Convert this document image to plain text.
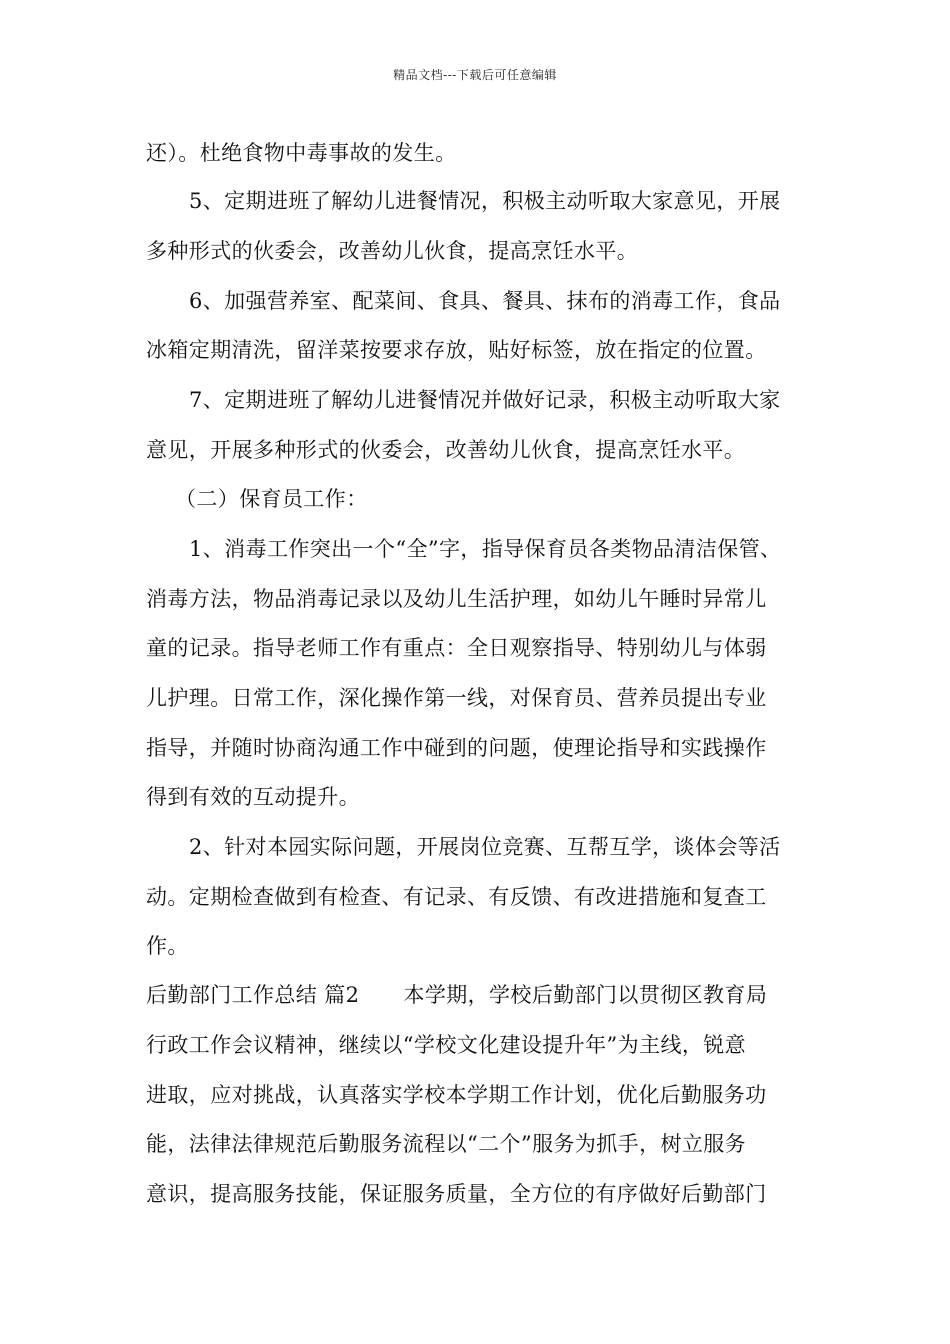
精品文档---下载后可任意编辑
还）。杜绝食物中毒事故的发生。
5、定期进班了解幼儿进餐情况，积极主动听取大家意见，开展
多种形式的伙委会，改善幼儿伙食，提高烹饪水平。
6、加强营养室、配菜间、食具、餐具、抹布的消毒工作，食品
冰箱定期清洗，留洋菜按要求存放，贴好标签，放在指定的位置。
7、定期进班了解幼儿进餐情况并做好记录，积极主动听取大家
意见，开展多种形式的伙委会，改善幼儿伙食，提高烹饪水平。
（二）保育员工作：
1、消毒工作突出一个“全”字，指导保育员各类物品清洁保管、
消毒方法，物品消毒记录以及幼儿生活护理，如幼儿午睡时异常儿
童的记录。指导老师工作有重点：全日观察指导、特别幼儿与体弱
儿护理。日常工作，深化操作第一线，对保育员、营养员提出专业
指导，并随时协商沟通工作中碰到的问题，使理论指导和实践操作
得到有效的互动提升。
2、针对本园实际问题，开展岗位竞赛、互帮互学，谈体会等活
动。定期检查做到有检查、有记录、有反馈、有改进措施和复查工
作。
后勤部门工作总结 篇2 本学期，学校后勤部门以贯彻区教育局
行政工作会议精神，继续以“学校文化建设提升年”为主线，锐意
进取，应对挑战，认真落实学校本学期工作计划，优化后勤服务功
能，法律法律规范后勤服务流程以“二个”服务为抓手，树立服务
意识，提高服务技能，保证服务质量，全方位的有序做好后勤部门
